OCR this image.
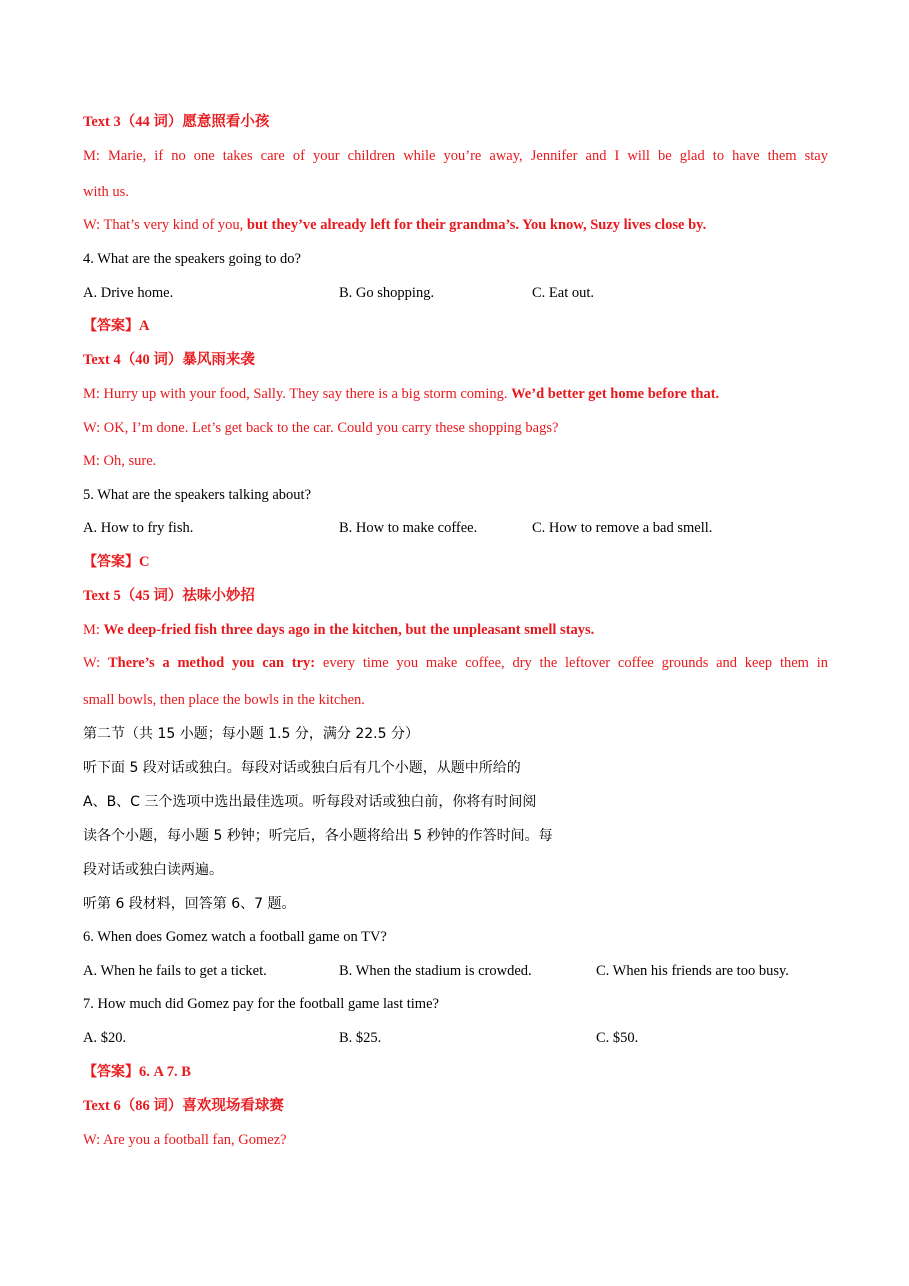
Text 3（44 词）愿意照看小孩
M: Marie, if no one takes care of your children while you’re away, Jennifer and I will be glad to have them stay
with us.
W: That’s very kind of you, but they’ve already left for their grandma’s. You know, Suzy lives close by.
4. What are the speakers going to do?
A. Drive home.	B. Go shopping.	C. Eat out.
【答案】A
Text 4（40 词）暴风雨来袭
M: Hurry up with your food, Sally. They say there is a big storm coming. We’d better get home before that.
W: OK, I’m done. Let’s get back to the car. Could you carry these shopping bags?
M: Oh, sure.
5. What are the speakers talking about?
A. How to fry fish.	B. How to make coffee.	C. How to remove a bad smell.
【答案】C
Text 5（45 词）祛味小妙招
M: We deep-fried fish three days ago in the kitchen, but the unpleasant smell stays.
W: There’s a method you can try: every time you make coffee, dry the leftover coffee grounds and keep them in
small bowls, then place the bowls in the kitchen.
第二节（共 15 小题；每小题 1.5 分，满分 22.5 分）
听下面 5 段对话或独白。每段对话或独白后有几个小题，从题中所给的
A、B、C 三个选项中选出最佳选项。听每段对话或独白前，你将有时间阅
读各个小题，每小题 5 秒钟；听完后，各小题将给出 5 秒钟的作答时间。每
段对话或独白读两遍。
听第 6 段材料，回答第 6、7 题。
6. When does Gomez watch a football game on TV?
A. When he fails to get a ticket.	B. When the stadium is crowded.	C. When his friends are too busy.
7. How much did Gomez pay for the football game last time?
A. $20.	B. $25.	C. $50.
【答案】6. A 7. B
Text 6（86 词）喜欢现场看球赛
W: Are you a football fan, Gomez?
